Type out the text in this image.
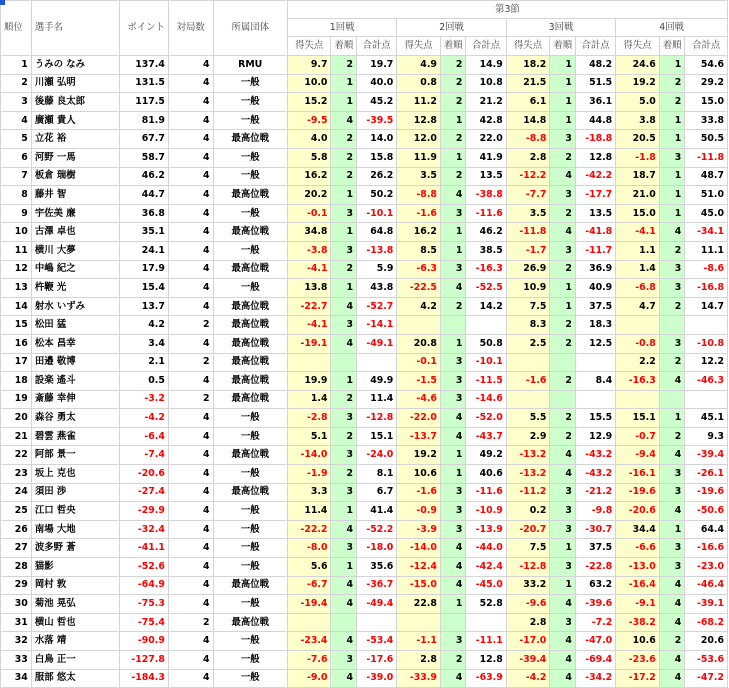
順位	選手名	ポイント	対局数	所属団体	第3節											
					1回戦			2回戦			3回戦			4回戦		
					得失点	着順	合計点	得失点	着順	合計点	得失点	着順	合計点	得失点	着順	合計点
1	うみの なみ	137.4	4	RMU	9.7	2	19.7	4.9	2	14.9	18.2	1	48.2	24.6	1	54.6
2	川瀬 弘明	131.5	4	一般	10.0	1	40.0	0.8	2	10.8	21.5	1	51.5	19.2	2	29.2
3	後藤 良太郎	117.5	4	一般	15.2	1	45.2	11.2	2	21.2	6.1	1	36.1	5.0	2	15.0
4	廣瀬 貴人	81.9	4	一般	-9.5	4	-39.5	12.8	1	42.8	14.8	1	44.8	3.8	1	33.8
5	立花 裕	67.7	4	最高位戦	4.0	2	14.0	12.0	2	22.0	-8.8	3	-18.8	20.5	1	50.5
6	河野 一馬	58.7	4	一般	5.8	2	15.8	11.9	1	41.9	2.8	2	12.8	-1.8	3	-11.8
7	板倉 瑞樹	46.2	4	一般	16.2	2	26.2	3.5	2	13.5	-12.2	4	-42.2	18.7	1	48.7
8	藤井 智	44.7	4	最高位戦	20.2	1	50.2	-8.8	4	-38.8	-7.7	3	-17.7	21.0	1	51.0
9	宇佐美 廉	36.8	4	一般	-0.1	3	-10.1	-1.6	3	-11.6	3.5	2	13.5	15.0	1	45.0
10	古澤 卓也	35.1	4	最高位戦	34.8	1	64.8	16.2	1	46.2	-11.8	4	-41.8	-4.1	4	-34.1
11	横川 大夢	24.1	4	一般	-3.8	3	-13.8	8.5	1	38.5	-1.7	3	-11.7	1.1	2	11.1
12	中嶋 紀之	17.9	4	最高位戦	-4.1	2	5.9	-6.3	3	-16.3	26.9	2	36.9	1.4	3	-8.6
13	杵鞭 光	15.4	4	一般	13.8	1	43.8	-22.5	4	-52.5	10.9	1	40.9	-6.8	3	-16.8
14	射水 いずみ	13.7	4	最高位戦	-22.7	4	-52.7	4.2	2	14.2	7.5	1	37.5	4.7	2	14.7
15	松田 猛	4.2	2	最高位戦	-4.1	3	-14.1				8.3	2	18.3			
16	松本 昌幸	3.4	4	最高位戦	-19.1	4	-49.1	20.8	1	50.8	2.5	2	12.5	-0.8	3	-10.8
17	田邉 敬博	2.1	2	最高位戦				-0.1	3	-10.1				2.2	2	12.2
18	設楽 遙斗	0.5	4	最高位戦	19.9	1	49.9	-1.5	3	-11.5	-1.6	2	8.4	-16.3	4	-46.3
19	斎藤 幸伸	-3.2	2	最高位戦	1.4	2	11.4	-4.6	3	-14.6						
20	森谷 勇太	-4.2	4	一般	-2.8	3	-12.8	-22.0	4	-52.0	5.5	2	15.5	15.1	1	45.1
21	碧雲 燕雀	-6.4	4	一般	5.1	2	15.1	-13.7	4	-43.7	2.9	2	12.9	-0.7	2	9.3
22	阿部 景一	-7.4	4	最高位戦	-14.0	3	-24.0	19.2	1	49.2	-13.2	4	-43.2	-9.4	4	-39.4
23	坂上 克也	-20.6	4	一般	-1.9	2	8.1	10.6	1	40.6	-13.2	4	-43.2	-16.1	3	-26.1
24	須田 渉	-27.4	4	最高位戦	3.3	3	6.7	-1.6	3	-11.6	-11.2	3	-21.2	-19.6	3	-19.6
25	江口 哲央	-29.9	4	一般	11.4	1	41.4	-0.9	3	-10.9	0.2	3	-9.8	-20.6	4	-50.6
26	南場 大地	-32.4	4	一般	-22.2	4	-52.2	-3.9	3	-13.9	-20.7	3	-30.7	34.4	1	64.4
27	波多野 蒼	-41.1	4	一般	-8.0	3	-18.0	-14.0	4	-44.0	7.5	1	37.5	-6.6	3	-16.6
28	猫影	-52.6	4	一般	5.6	1	35.6	-12.4	4	-42.4	-12.8	3	-22.8	-13.0	3	-23.0
29	岡村 敦	-64.9	4	最高位戦	-6.7	4	-36.7	-15.0	4	-45.0	33.2	1	63.2	-16.4	4	-46.4
30	菊池 晃弘	-75.3	4	一般	-19.4	4	-49.4	22.8	1	52.8	-9.6	4	-39.6	-9.1	4	-39.1
31	横山 哲也	-75.4	2	最高位戦							2.8	3	-7.2	-38.2	4	-68.2
32	水落 靖	-90.9	4	一般	-23.4	4	-53.4	-1.1	3	-11.1	-17.0	4	-47.0	10.6	2	20.6
33	白鳥 正一	-127.8	4	一般	-7.6	3	-17.6	2.8	2	12.8	-39.4	4	-69.4	-23.6	4	-53.6
34	服部 悠太	-184.3	4	一般	-9.0	4	-39.0	-33.9	4	-63.9	-4.2	4	-34.2	-17.2	4	-47.2
